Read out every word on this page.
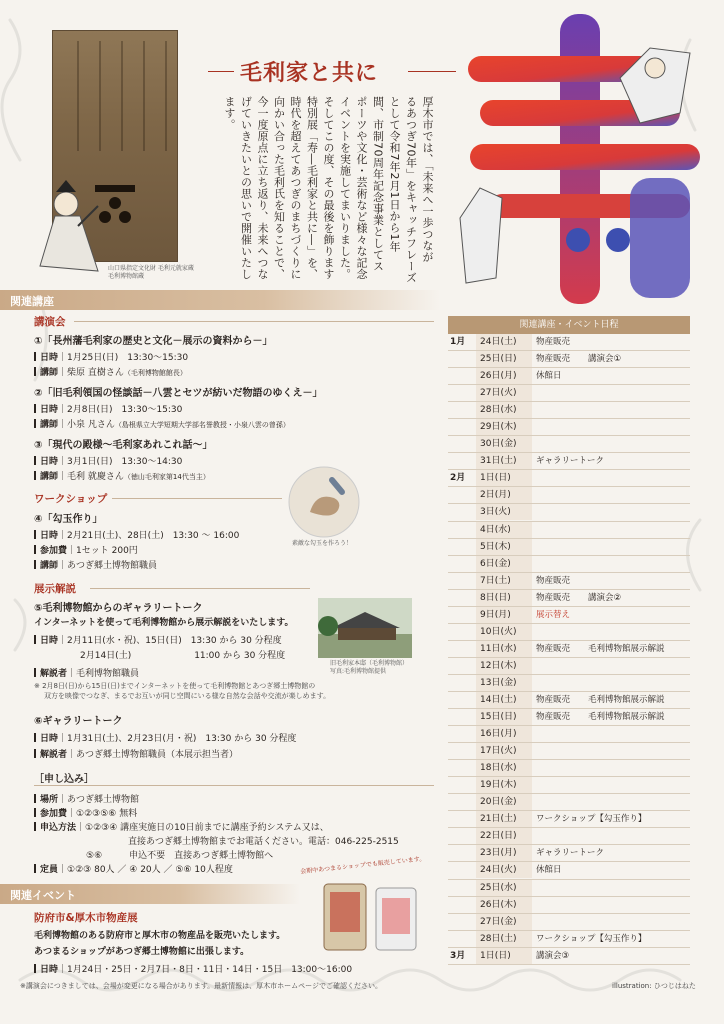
山口県指定文化財 毛利元就家蔵
毛利博物館蔵
毛利家と共に
厚木市では、「未来へ一歩つなが
るあつぎ70年」をキャッチフレーズ
として令和7年2月1日から1年
間、市制70周年記念事業としてス
ポーツや文化・芸術など様々な記念
イベントを実施してまいりました。
そしてこの度、その最後を飾ります
特別展「寿―毛利家と共に―」を、
時代を超えてあつぎのまちづくりに
向かい合った毛利氏を知ることで、
今一度原点に立ち返り、未来へつな
げていきたいとの思いで開催いたし
ます。
関連講座
講演会
①「長州藩毛利家の歴史と文化－展示の資料から－」
日時｜1月25日(日)　13:30～15:30
講師｜柴原 直樹さん（毛利博物館館長）
②「旧毛利領国の怪談話－八雲とセツが紡いだ物語のゆくえ－」
日時｜2月8日(日)　13:30～15:30
講師｜小泉 凡さん（島根県立大学短期大学部名誉教授・小泉八雲の曾孫）
③「現代の殿様～毛利家あれこれ話～」
日時｜3月1日(日)　13:30～14:30
講師｜毛利 就慶さん（徳山毛利家第14代当主）
ワークショップ
④「勾玉作り」
日時｜2月21日(土)、28日(土)　13:30 ～ 16:00
参加費｜1セット 200円
講師｜あつぎ郷土博物館職員
素敵な勾玉を作ろう！
展示解説
⑤毛利博物館からのギャラリートーク
インターネットを使って毛利博物館から展示解説をいたします。
日時｜2月11日(水・祝)、15日(日)　13:30 から 30 分程度
2月14日(土)　　　　　　　11:00 から 30 分程度
解説者｜毛利博物館職員
※ 2月8日(日)から15日(日)までインターネットを使って毛利博物館とあつぎ郷土博物館の
双方を映像でつなぎ、まるでお互いが同じ空間にいる様な自然な会話や交流が楽しめます。
旧毛利家本邸（毛利博物館）
写真:毛利博物館提供
⑥ギャラリートーク
日時｜1月31日(土)、2月23日(月・祝)　13:30 から 30 分程度
解説者｜あつぎ郷土博物館職員（本展示担当者）
［申し込み］
場所｜あつぎ郷土博物館
参加費｜①②③⑤⑥ 無料
申込方法｜①②③④ 講座実施日の10日前までに講座予約システム又は、
直接あつぎ郷土博物館までお電話ください。電話：046-225-2515
⑤⑥　　　申込不要　直接あつぎ郷土博物館へ
定員｜①②③ 80人 ／ ④ 20人 ／ ⑤⑥ 10人程度
関連イベント
防府市&厚木市物産展
毛利博物館のある防府市と厚木市の物産品を販売いたします。
あつまるショップがあつぎ郷土博物館に出張します。
日時｜1月24日・25日・2月7日・8日・11日・14日・15日　13:00～16:00
会期中あつまるショップでも販売しています。
※講演会につきましては、会場が変更になる場合があります。最新情報は、厚木市ホームページでご確認ください。	illustration: ひつじはねた
関連講座・イベント日程
1月	24日(土)	物産販売
25日(日)	物産販売 講演会①
26日(月)	休館日
27日(火)
28日(水)
29日(木)
30日(金)
31日(土)	ギャラリートーク
2月	1日(日)
2日(月)
3日(火)
4日(水)
5日(木)
6日(金)
7日(土)	物産販売
8日(日)	物産販売 講演会②
9日(月)	展示替え
10日(火)
11日(水)	物産販売 毛利博物館展示解説
12日(木)
13日(金)
14日(土)	物産販売 毛利博物館展示解説
15日(日)	物産販売 毛利博物館展示解説
16日(月)
17日(火)
18日(水)
19日(木)
20日(金)
21日(土)	ワークショップ【勾玉作り】
22日(日)
23日(月)	ギャラリートーク
24日(火)	休館日
25日(水)
26日(木)
27日(金)
28日(土)	ワークショップ【勾玉作り】
3月	1日(日)	講演会③
